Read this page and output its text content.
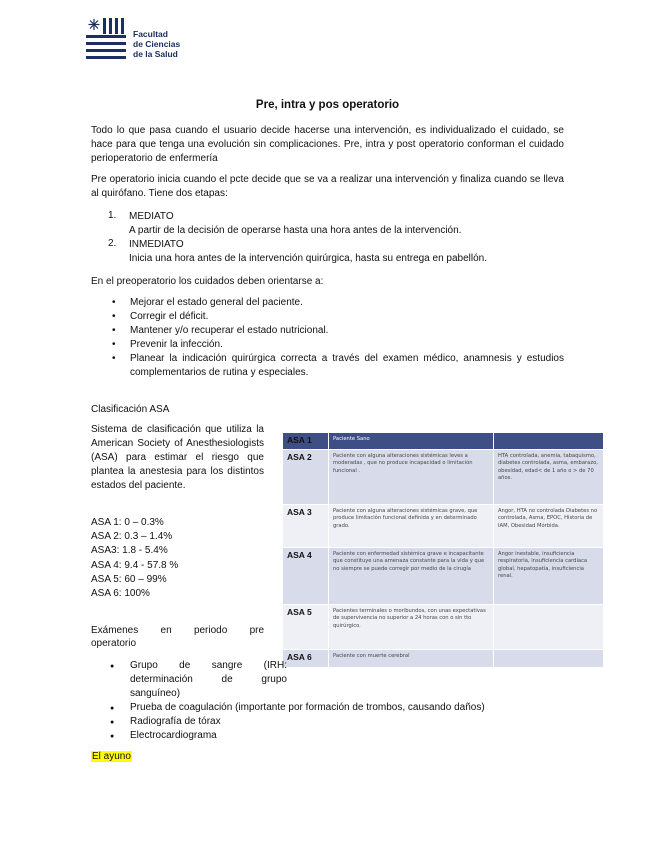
Facultad
de Ciencias
de la Salud
Pre, intra y pos operatorio
Todo lo que pasa cuando el usuario decide hacerse una intervención, es individualizado el cuidado, se hace para que tenga una evolución sin complicaciones. Pre, intra y post operatorio conforman el cuidado perioperatorio de enfermería
Pre operatorio inicia cuando el pcte decide que se va a realizar una intervención y finaliza cuando se lleva al quirófano. Tiene dos etapas:
1. MEDIATO
A partir de la decisión de operarse hasta una hora antes de la intervención.
2. INMEDIATO
Inicia una hora antes de la intervención quirúrgica, hasta su entrega en pabellón.
En el preoperatorio los cuidados deben orientarse a:
• Mejorar el estado general del paciente.
• Corregir el déficit.
• Mantener y/o recuperar el estado nutricional.
• Prevenir la infección.
• Planear la indicación quirúrgica correcta a través del examen médico, anamnesis y estudios complementarios de rutina y especiales.
Clasificación ASA
Sistema de clasificación que utiliza la American Society of Anesthesiologists (ASA) para estimar el riesgo que plantea la anestesia para los distintos estados del paciente.
ASA 1: 0 – 0.3%
ASA 2: 0.3 – 1.4%
ASA3: 1.8 - 5.4%
ASA 4: 9.4 - 57.8 %
ASA 5: 60 – 99%
ASA 6: 100%
ASA 1	Paciente Sano	
ASA 2	Paciente con alguna alteraciones sistémicas leves a moderadas , que no produce incapacidad o limitación funcional .	HTA controlada, anemia, tabaquismo, diabetes controlada, asma, embarazo, obesidad, edad< de 1 año o > de 70 años.
ASA 3	Paciente con alguna alteraciones sistémicas grave, que produce limitación funcional definida y en determinado grado.	Angor, HTA no controlada Diabetes no controlada, Asma, EPOC, Historia de IAM, Obesidad Mórbida.
ASA 4	Paciente con enfermedad sistémica grave e incapacitante que constituye una amenaza constante para la vida y que no siempre se puede corregir por medio de la cirugía	Angor inestable, insuficiencia respiratoria, insuficiencia cardiaca global, hepatopatía, insuficiencia renal.
ASA 5	Pacientes terminales o moribundos, con unas expectativas de supervivencia no superior a 24 horas con o sin tto quirúrgico.	
ASA 6	Paciente con muerte cerebral	
Exámenes en periodo pre
operatorio
● Grupo de sangre (IRH: determinación de grupo sanguíneo)
● Prueba de coagulación (importante por formación de trombos, causando daños)
● Radiografía de tórax
● Electrocardiograma
El ayuno
